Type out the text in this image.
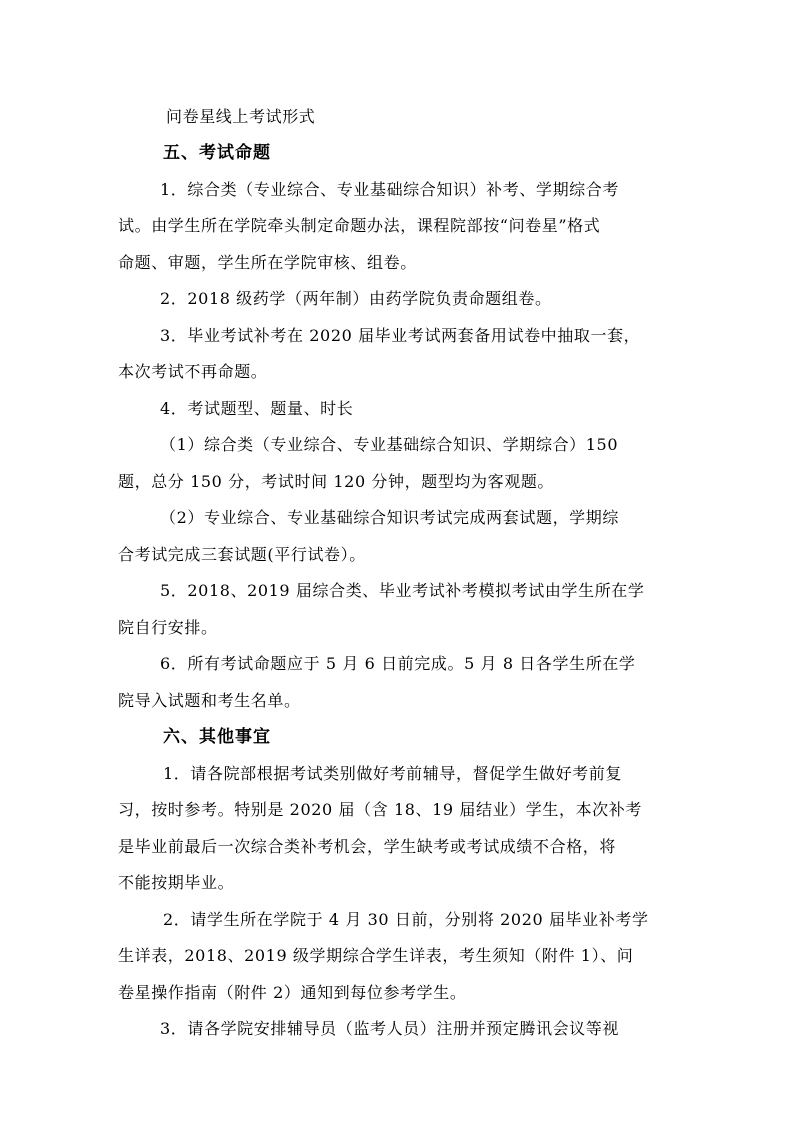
问卷星线上考试形式
五、考试命题
1．综合类（专业综合、专业基础综合知识）补考、学期综合考
试。由学生所在学院牵头制定命题办法，课程院部按“问卷星”格式
命题、审题，学生所在学院审核、组卷。
2．2018 级药学（两年制）由药学院负责命题组卷。
3．毕业考试补考在 2020 届毕业考试两套备用试卷中抽取一套，
本次考试不再命题。
4．考试题型、题量、时长
（1）综合类（专业综合、专业基础综合知识、学期综合）150
题，总分 150 分，考试时间 120 分钟，题型均为客观题。
（2）专业综合、专业基础综合知识考试完成两套试题，学期综
合考试完成三套试题(平行试卷）。
5．2018、2019 届综合类、毕业考试补考模拟考试由学生所在学
院自行安排。
6．所有考试命题应于 5 月 6 日前完成。5 月 8 日各学生所在学
院导入试题和考生名单。
六、其他事宜
1．请各院部根据考试类别做好考前辅导，督促学生做好考前复
习，按时参考。特别是 2020 届（含 18、19 届结业）学生，本次补考
是毕业前最后一次综合类补考机会，学生缺考或考试成绩不合格，将
不能按期毕业。
2．请学生所在学院于 4 月 30 日前，分别将 2020 届毕业补考学
生详表，2018、2019 级学期综合学生详表，考生须知（附件 1）、问
卷星操作指南（附件 2）通知到每位参考学生。
3．请各学院安排辅导员（监考人员）注册并预定腾讯会议等视
